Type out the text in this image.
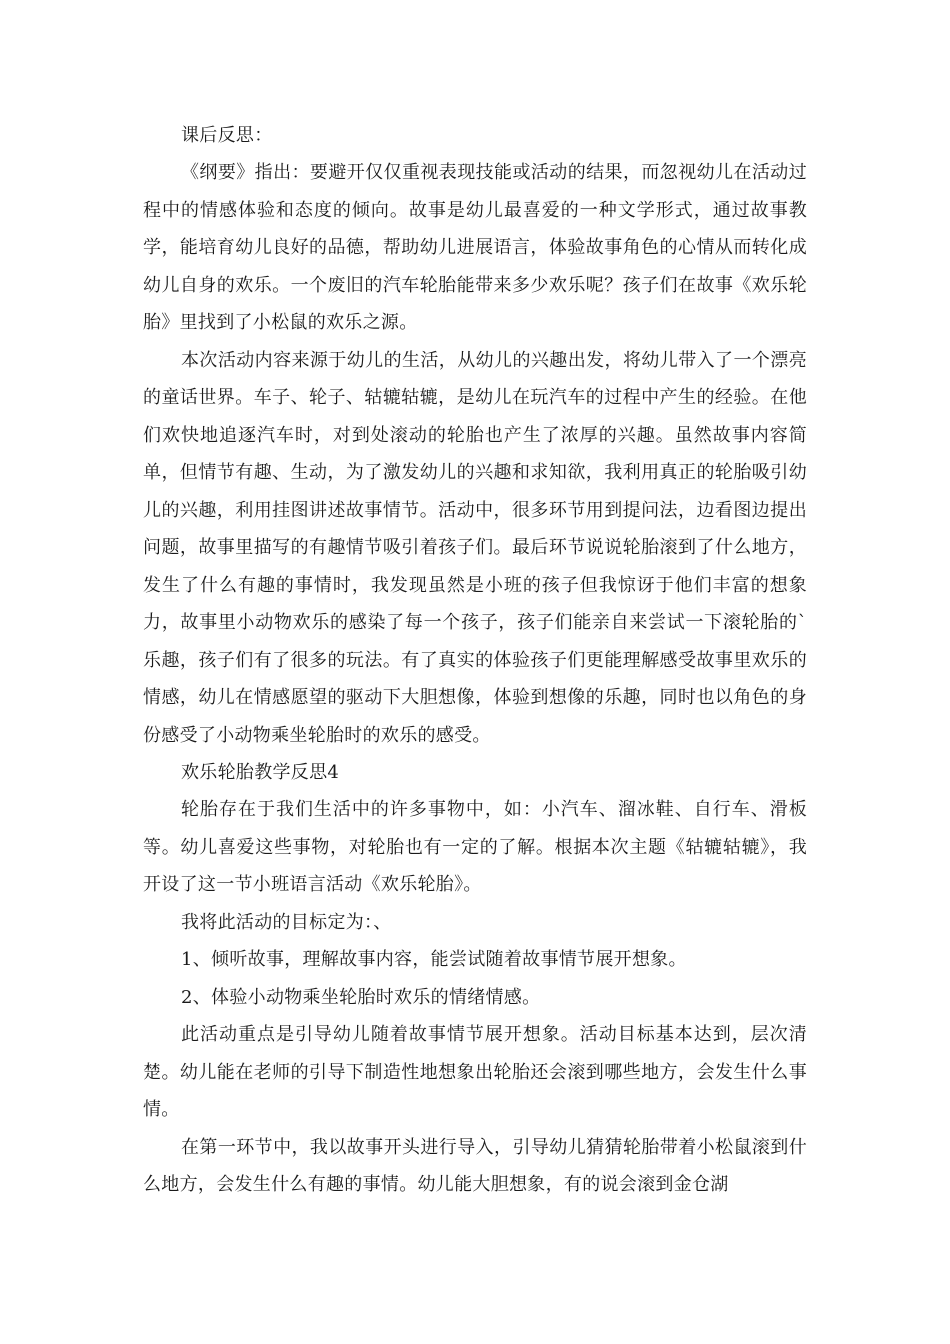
课后反思：

《纲要》指出：要避开仅仅重视表现技能或活动的结果，而忽视幼儿在活动过程中的情感体验和态度的倾向。故事是幼儿最喜爱的一种文学形式，通过故事教学，能培育幼儿良好的品德，帮助幼儿进展语言，体验故事角色的心情从而转化成幼儿自身的欢乐。一个废旧的汽车轮胎能带来多少欢乐呢？孩子们在故事《欢乐轮胎》里找到了小松鼠的欢乐之源。

本次活动内容来源于幼儿的生活，从幼儿的兴趣出发，将幼儿带入了一个漂亮的童话世界。车子、轮子、轱辘轱辘，是幼儿在玩汽车的过程中产生的经验。在他们欢快地追逐汽车时，对到处滚动的轮胎也产生了浓厚的兴趣。虽然故事内容简单，但情节有趣、生动，为了激发幼儿的兴趣和求知欲，我利用真正的轮胎吸引幼儿的兴趣，利用挂图讲述故事情节。活动中，很多环节用到提问法，边看图边提出问题，故事里描写的有趣情节吸引着孩子们。最后环节说说轮胎滚到了什么地方，发生了什么有趣的事情时，我发现虽然是小班的孩子但我惊讶于他们丰富的想象力，故事里小动物欢乐的感染了每一个孩子，孩子们能亲自来尝试一下滚轮胎的`乐趣，孩子们有了很多的玩法。有了真实的体验孩子们更能理解感受故事里欢乐的情感，幼儿在情感愿望的驱动下大胆想像，体验到想像的乐趣，同时也以角色的身份感受了小动物乘坐轮胎时的欢乐的感受。

欢乐轮胎教学反思4

轮胎存在于我们生活中的许多事物中，如：小汽车、溜冰鞋、自行车、滑板等。幼儿喜爱这些事物，对轮胎也有一定的了解。根据本次主题《轱辘轱辘》，我开设了这一节小班语言活动《欢乐轮胎》。

我将此活动的目标定为：、

1、倾听故事，理解故事内容，能尝试随着故事情节展开想象。

2、体验小动物乘坐轮胎时欢乐的情绪情感。

此活动重点是引导幼儿随着故事情节展开想象。活动目标基本达到，层次清楚。幼儿能在老师的引导下制造性地想象出轮胎还会滚到哪些地方，会发生什么事情。

在第一环节中，我以故事开头进行导入，引导幼儿猜猜轮胎带着小松鼠滚到什么地方，会发生什么有趣的事情。幼儿能大胆想象，有的说会滚到金仓湖
